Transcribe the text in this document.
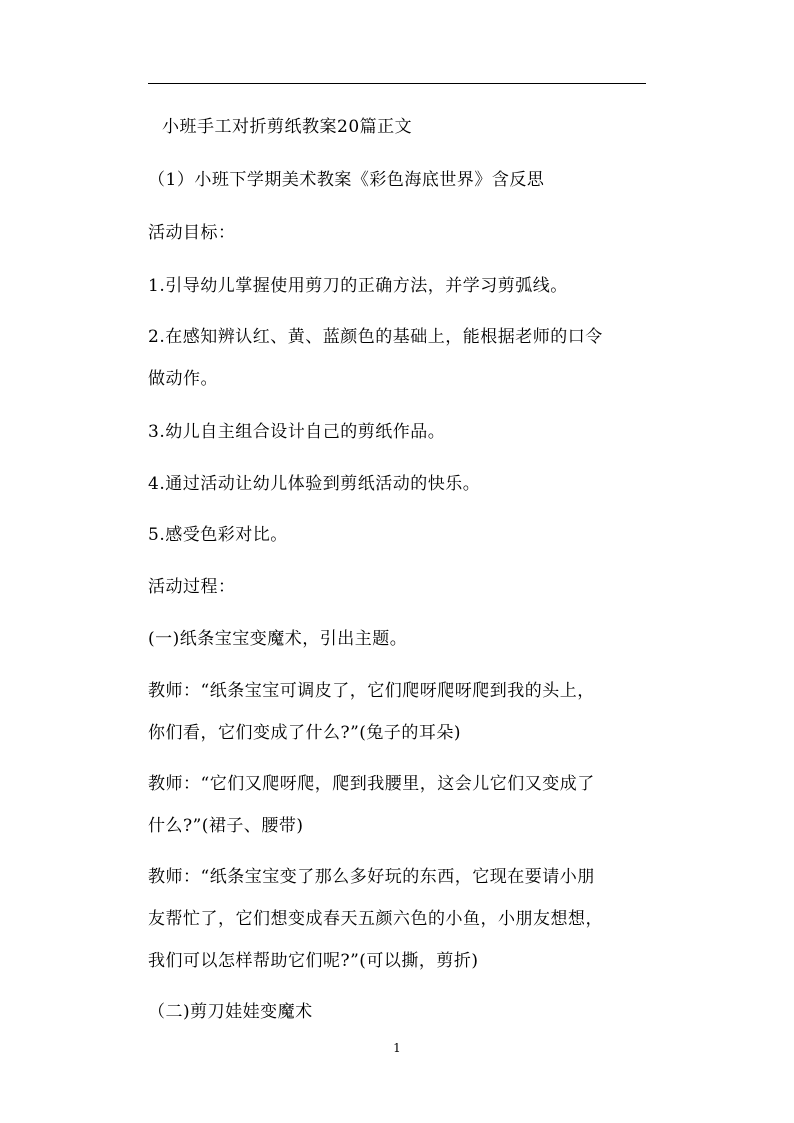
小班手工对折剪纸教案20篇正文
（1）小班下学期美术教案《彩色海底世界》含反思
活动目标：
1.引导幼儿掌握使用剪刀的正确方法，并学习剪弧线。
2.在感知辨认红、黄、蓝颜色的基础上，能根据老师的口令
做动作。
3.幼儿自主组合设计自己的剪纸作品。
4.通过活动让幼儿体验到剪纸活动的快乐。
5.感受色彩对比。
活动过程：
(一)纸条宝宝变魔术，引出主题。
教师：“纸条宝宝可调皮了，它们爬呀爬呀爬到我的头上，
你们看，它们变成了什么?”(兔子的耳朵)
教师：“它们又爬呀爬，爬到我腰里，这会儿它们又变成了
什么?”(裙子、腰带)
教师：“纸条宝宝变了那么多好玩的东西，它现在要请小朋
友帮忙了，它们想变成春天五颜六色的小鱼，小朋友想想，
我们可以怎样帮助它们呢?”(可以撕，剪折)
（二)剪刀娃娃变魔术
1
